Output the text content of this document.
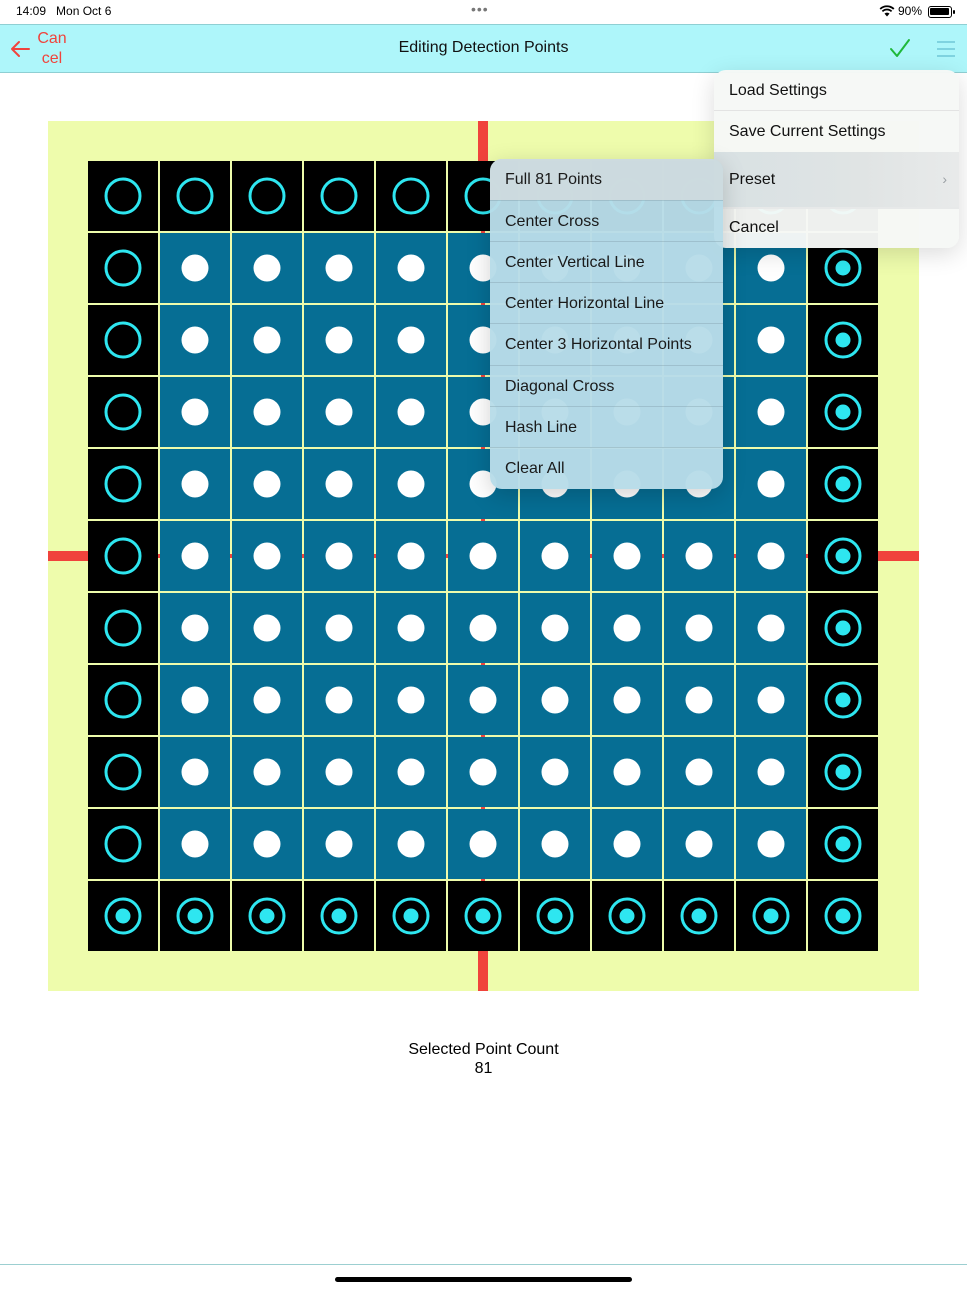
14:09 Mon Oct 6	•••	90%
Can
cel
Editing Detection Points
Selected Point Count
81
Load Settings
Save Current Settings
Preset	›
Cancel
Full 81 Points
Center Cross
Center Vertical Line
Center Horizontal Line
Center 3 Horizontal Points
Diagonal Cross
Hash Line
Clear All
